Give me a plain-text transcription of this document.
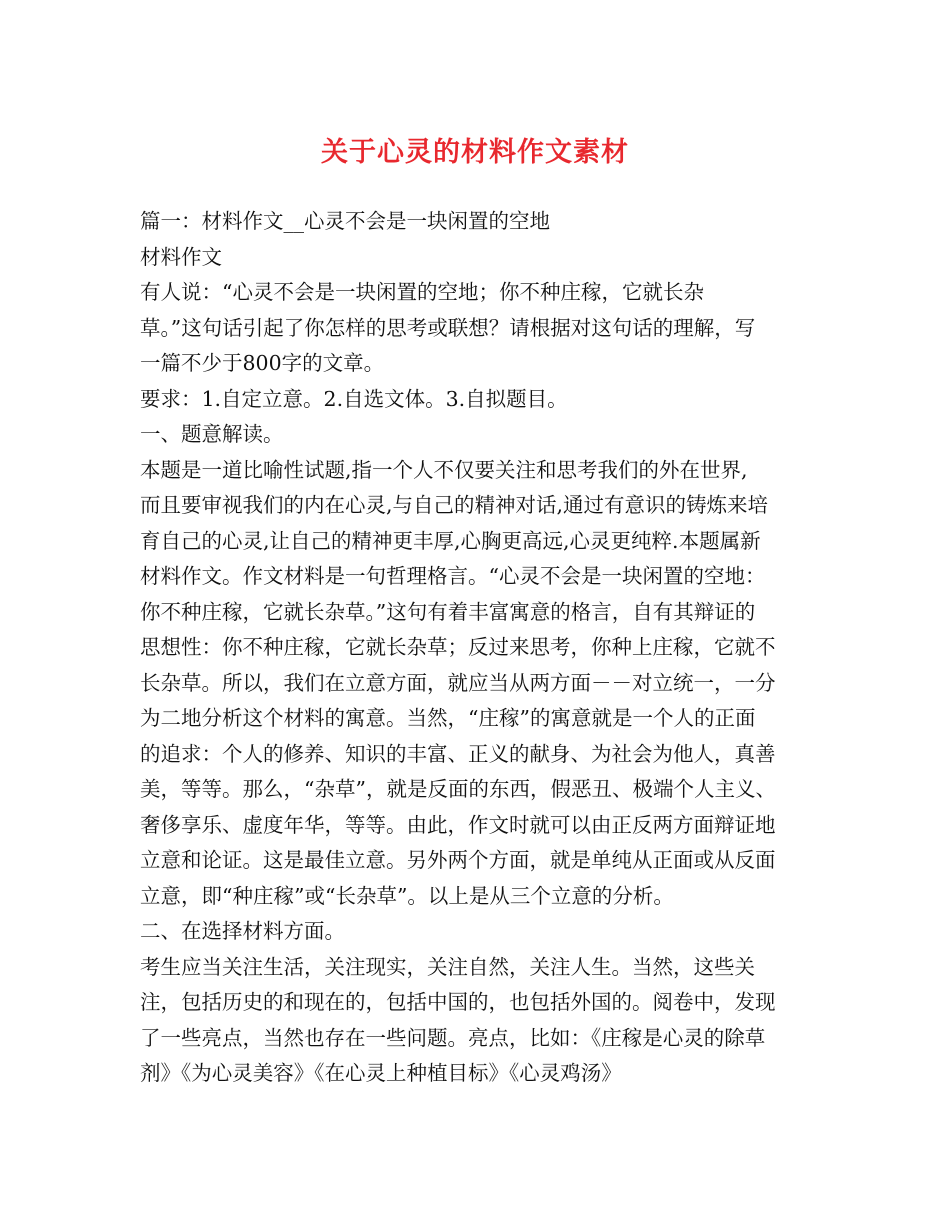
关于心灵的材料作文素材
篇一：材料作文__心灵不会是一块闲置的空地
材料作文
有人说：“心灵不会是一块闲置的空地；你不种庄稼，它就长杂
草。”这句话引起了你怎样的思考或联想？请根据对这句话的理解，写
一篇不少于800字的文章。
要求：1.自定立意。2.自选文体。3.自拟题目。
一、题意解读。
本题是一道比喻性试题,指一个人不仅要关注和思考我们的外在世界,
而且要审视我们的内在心灵,与自己的精神对话,通过有意识的铸炼来培
育自己的心灵,让自己的精神更丰厚,心胸更高远,心灵更纯粹.本题属新
材料作文。作文材料是一句哲理格言。“心灵不会是一块闲置的空地：
你不种庄稼，它就长杂草。”这句有着丰富寓意的格言，自有其辩证的
思想性：你不种庄稼，它就长杂草；反过来思考，你种上庄稼，它就不
长杂草。所以，我们在立意方面，就应当从两方面－－对立统一，一分
为二地分析这个材料的寓意。当然，“庄稼”的寓意就是一个人的正面
的追求：个人的修养、知识的丰富、正义的献身、为社会为他人，真善
美，等等。那么，“杂草”，就是反面的东西，假恶丑、极端个人主义、
奢侈享乐、虚度年华，等等。由此，作文时就可以由正反两方面辩证地
立意和论证。这是最佳立意。另外两个方面，就是单纯从正面或从反面
立意，即“种庄稼”或“长杂草”。以上是从三个立意的分析。
二、在选择材料方面。
考生应当关注生活，关注现实，关注自然，关注人生。当然，这些关
注，包括历史的和现在的，包括中国的，也包括外国的。阅卷中，发现
了一些亮点，当然也存在一些问题。亮点，比如：《庄稼是心灵的除草
剂》《为心灵美容》《在心灵上种植目标》《心灵鸡汤》
